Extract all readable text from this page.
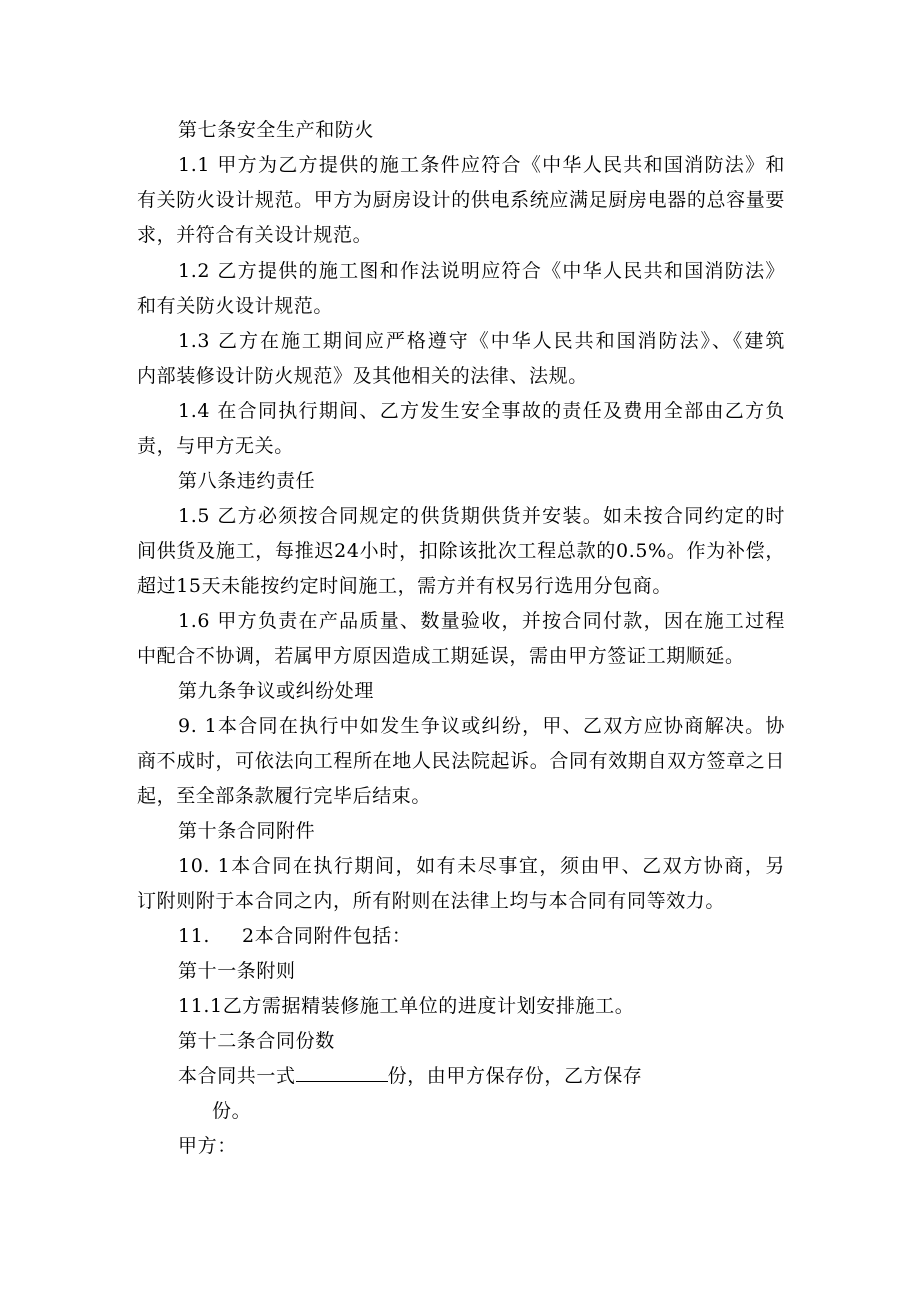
第七条安全生产和防火
1.1 甲方为乙方提供的施工条件应符合《中华人民共和国消防法》和
有关防火设计规范。甲方为厨房设计的供电系统应满足厨房电器的总容量要
求，并符合有关设计规范。
1.2 乙方提供的施工图和作法说明应符合《中华人民共和国消防法》
和有关防火设计规范。
1.3 乙方在施工期间应严格遵守《中华人民共和国消防法》、《建筑
内部装修设计防火规范》及其他相关的法律、法规。
1.4 在合同执行期间、乙方发生安全事故的责任及费用全部由乙方负
责，与甲方无关。
第八条违约责任
1.5 乙方必须按合同规定的供货期供货并安装。如未按合同约定的时
间供货及施工，每推迟24小时，扣除该批次工程总款的0.5%。作为补偿，
超过15天未能按约定时间施工，需方并有权另行选用分包商。
1.6 甲方负责在产品质量、数量验收，并按合同付款，因在施工过程
中配合不协调，若属甲方原因造成工期延误，需由甲方签证工期顺延。
第九条争议或纠纷处理
9. 1本合同在执行中如发生争议或纠纷，甲、乙双方应协商解决。协
商不成时，可依法向工程所在地人民法院起诉。合同有效期自双方签章之日
起，至全部条款履行完毕后结束。
第十条合同附件
10. 1本合同在执行期间，如有未尽事宜，须由甲、乙双方协商，另
订附则附于本合同之内，所有附则在法律上均与本合同有同等效力。
11. 2本合同附件包括：
第十一条附则
11.1乙方需据精装修施工单位的进度计划安排施工。
第十二条合同份数
本合同共一式	份，由甲方保存份，乙方保存
份。
甲方：
